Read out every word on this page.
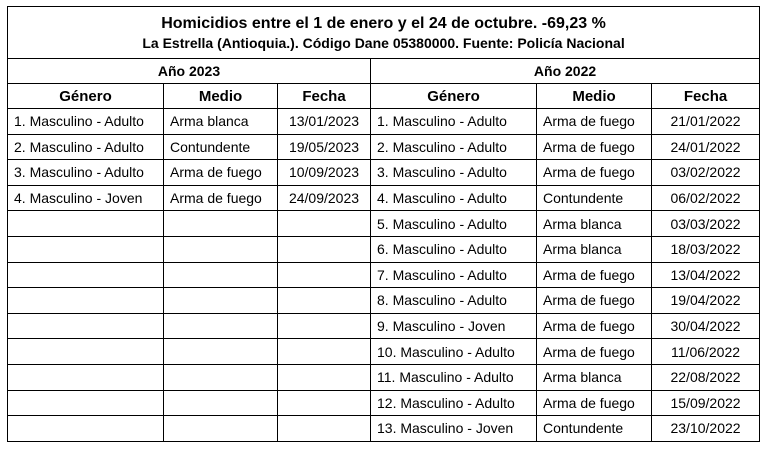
Homicidios entre el 1 de enero y el 24 de octubre. -69,23 %
La Estrella (Antioquia.). Código Dane 05380000. Fuente: Policía Nacional					

Año 2023			Año 2022		
Género	Medio	Fecha	Género	Medio	Fecha
1. Masculino - Adulto	Arma blanca	13/01/2023	1. Masculino - Adulto	Arma de fuego	21/01/2022
2. Masculino - Adulto	Contundente	19/05/2023	2. Masculino - Adulto	Arma de fuego	24/01/2022
3. Masculino - Adulto	Arma de fuego	10/09/2023	3. Masculino - Adulto	Arma de fuego	03/02/2022
4. Masculino - Joven	Arma de fuego	24/09/2023	4. Masculino - Adulto	Contundente	06/02/2022
			5. Masculino - Adulto	Arma blanca	03/03/2022
			6. Masculino - Adulto	Arma blanca	18/03/2022
			7. Masculino - Adulto	Arma de fuego	13/04/2022
			8. Masculino - Adulto	Arma de fuego	19/04/2022
			9. Masculino - Joven	Arma de fuego	30/04/2022
			10. Masculino - Adulto	Arma de fuego	11/06/2022
			11. Masculino - Adulto	Arma blanca	22/08/2022
			12. Masculino - Adulto	Arma de fuego	15/09/2022
			13. Masculino - Joven	Contundente	23/10/2022
